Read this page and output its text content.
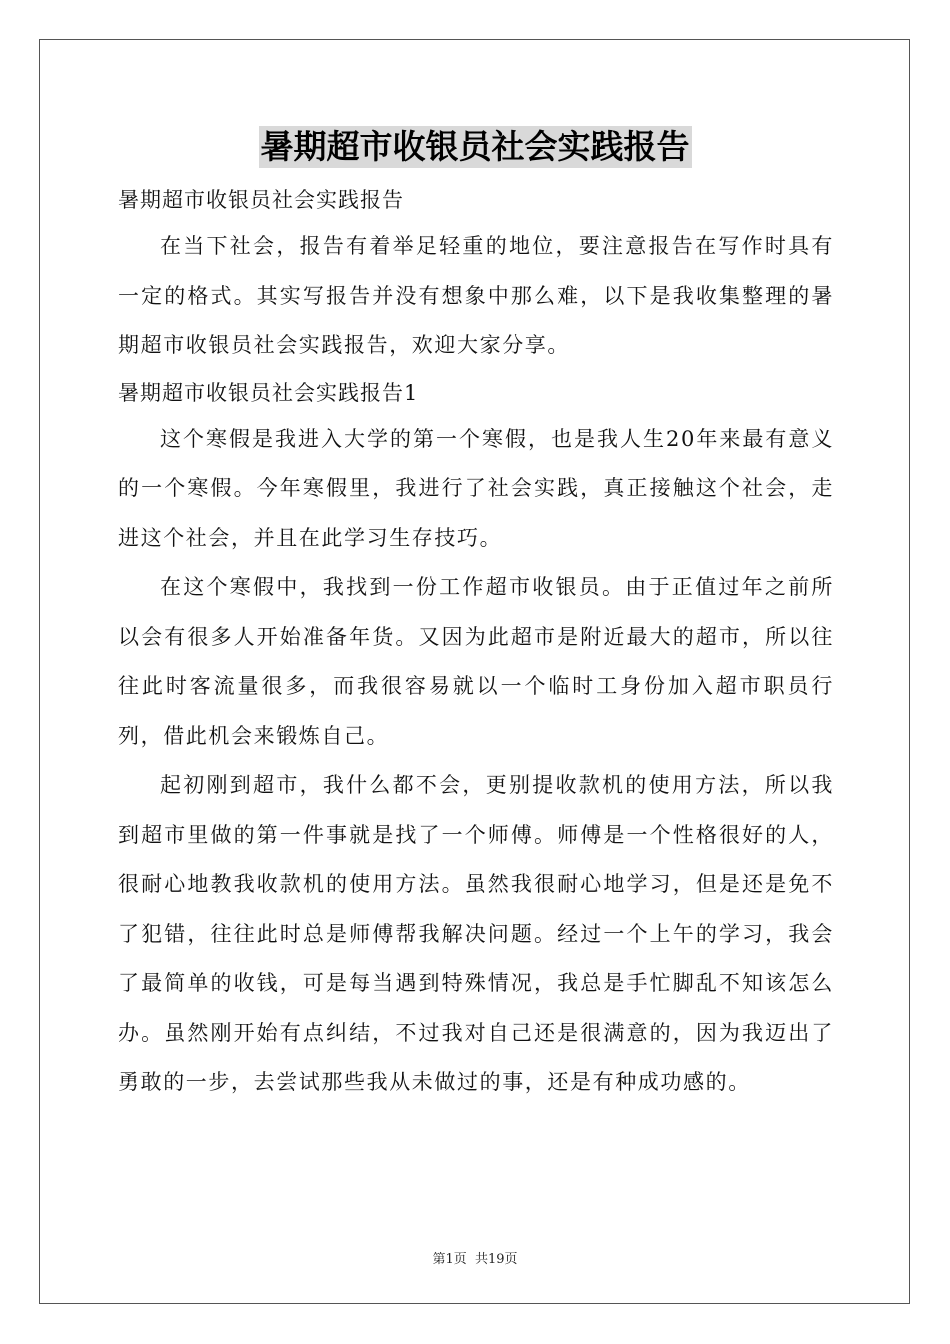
暑期超市收银员社会实践报告

暑期超市收银员社会实践报告

在当下社会，报告有着举足轻重的地位，要注意报告在写作时具有一定的格式。其实写报告并没有想象中那么难，以下是我收集整理的暑期超市收银员社会实践报告，欢迎大家分享。

暑期超市收银员社会实践报告1

这个寒假是我进入大学的第一个寒假，也是我人生20年来最有意义的一个寒假。今年寒假里，我进行了社会实践，真正接触这个社会，走进这个社会，并且在此学习生存技巧。

在这个寒假中，我找到一份工作超市收银员。由于正值过年之前所以会有很多人开始准备年货。又因为此超市是附近最大的超市，所以往往此时客流量很多，而我很容易就以一个临时工身份加入超市职员行列，借此机会来锻炼自己。

起初刚到超市，我什么都不会，更别提收款机的使用方法，所以我到超市里做的第一件事就是找了一个师傅。师傅是一个性格很好的人，很耐心地教我收款机的使用方法。虽然我很耐心地学习，但是还是免不了犯错，往往此时总是师傅帮我解决问题。经过一个上午的学习，我会了最简单的收钱，可是每当遇到特殊情况，我总是手忙脚乱不知该怎么办。虽然刚开始有点纠结，不过我对自己还是很满意的，因为我迈出了勇敢的一步，去尝试那些我从未做过的事，还是有种成功感的。

第1页  共19页
